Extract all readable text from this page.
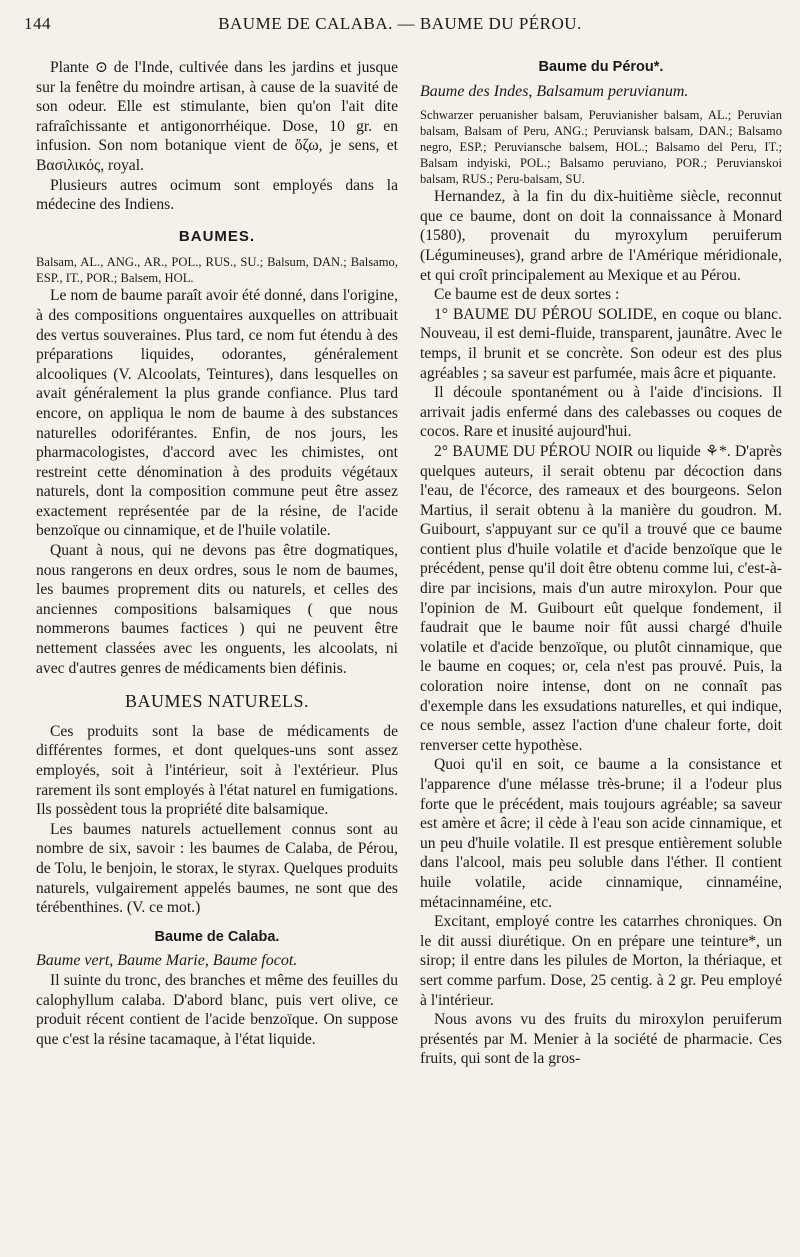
144	BAUME DE CALABA. — BAUME DU PÉROU.

Plante ⊙ de l'Inde, cultivée dans les jardins et jusque sur la fenêtre du moindre artisan, à cause de la suavité de son odeur. Elle est stimulante, bien qu'on l'ait dite rafraîchissante et antigonorrhéique. Dose, 10 gr. en infusion. Son nom botanique vient de ὄζω, je sens, et Βασιλικός, royal.

Plusieurs autres ocimum sont employés dans la médecine des Indiens.

BAUMES.

Balsam, AL., ANG., AR., POL., RUS., SU.; Balsum, DAN.; Balsamo, ESP., IT., POR.; Balsem, HOL.

Le nom de baume paraît avoir été donné, dans l'origine, à des compositions onguentaires auxquelles on attribuait des vertus souveraines. Plus tard, ce nom fut étendu à des préparations liquides, odorantes, généralement alcooliques (V. Alcoolats, Teintures), dans lesquelles on avait généralement la plus grande confiance. Plus tard encore, on appliqua le nom de baume à des substances naturelles odoriférantes. Enfin, de nos jours, les pharmacologistes, d'accord avec les chimistes, ont restreint cette dénomination à des produits végétaux naturels, dont la composition commune peut être assez exactement représentée par de la résine, de l'acide benzoïque ou cinnamique, et de l'huile volatile.

Quant à nous, qui ne devons pas être dogmatiques, nous rangerons en deux ordres, sous le nom de baumes, les baumes proprement dits ou naturels, et celles des anciennes compositions balsamiques ( que nous nommerons baumes factices ) qui ne peuvent être nettement classées avec les onguents, les alcoolats, ni avec d'autres genres de médicaments bien définis.

BAUMES NATURELS.

Ces produits sont la base de médicaments de différentes formes, et dont quelques-uns sont assez employés, soit à l'intérieur, soit à l'extérieur. Plus rarement ils sont employés à l'état naturel en fumigations. Ils possèdent tous la propriété dite balsamique.

Les baumes naturels actuellement connus sont au nombre de six, savoir : les baumes de Calaba, de Pérou, de Tolu, le benjoin, le storax, le styrax. Quelques produits naturels, vulgairement appelés baumes, ne sont que des térébenthines. (V. ce mot.)

Baume de Calaba.

Baume vert, Baume Marie, Baume focot.

Il suinte du tronc, des branches et même des feuilles du calophyllum calaba. D'abord blanc, puis vert olive, ce produit récent contient de l'acide benzoïque. On suppose que c'est la résine tacamaque, à l'état liquide.

Baume du Pérou*.

Baume des Indes, Balsamum peruvianum.

Schwarzer peruanisher balsam, Peruvianisher balsam, AL.; Peruvian balsam, Balsam of Peru, ANG.; Peruviansk balsam, DAN.; Balsamo negro, ESP.; Peruviansche balsem, HOL.; Balsamo del Peru, IT.; Balsam indyiski, POL.; Balsamo peruviano, POR.; Peruvianskoi balsam, RUS.; Peru-balsam, SU.

Hernandez, à la fin du dix-huitième siècle, reconnut que ce baume, dont on doit la connaissance à Monard (1580), provenait du myroxylum peruiferum (Légumineuses), grand arbre de l'Amérique méridionale, et qui croît principalement au Mexique et au Pérou.

Ce baume est de deux sortes :

1° BAUME DU PÉROU SOLIDE, en coque ou blanc. Nouveau, il est demi-fluide, transparent, jaunâtre. Avec le temps, il brunit et se concrète. Son odeur est des plus agréables ; sa saveur est parfumée, mais âcre et piquante.

Il découle spontanément ou à l'aide d'incisions. Il arrivait jadis enfermé dans des calebasses ou coques de cocos. Rare et inusité aujourd'hui.

2° BAUME DU PÉROU NOIR ou liquide ⚘*. D'après quelques auteurs, il serait obtenu par décoction dans l'eau, de l'écorce, des rameaux et des bourgeons. Selon Martius, il serait obtenu à la manière du goudron. M. Guibourt, s'appuyant sur ce qu'il a trouvé que ce baume contient plus d'huile volatile et d'acide benzoïque que le précédent, pense qu'il doit être obtenu comme lui, c'est-à-dire par incisions, mais d'un autre miroxylon. Pour que l'opinion de M. Guibourt eût quelque fondement, il faudrait que le baume noir fût aussi chargé d'huile volatile et d'acide benzoïque, ou plutôt cinnamique, que le baume en coques; or, cela n'est pas prouvé. Puis, la coloration noire intense, dont on ne connaît pas d'exemple dans les exsudations naturelles, et qui indique, ce nous semble, assez l'action d'une chaleur forte, doit renverser cette hypothèse.

Quoi qu'il en soit, ce baume a la consistance et l'apparence d'une mélasse très-brune; il a l'odeur plus forte que le précédent, mais toujours agréable; sa saveur est amère et âcre; il cède à l'eau son acide cinnamique, et un peu d'huile volatile. Il est presque entièrement soluble dans l'alcool, mais peu soluble dans l'éther. Il contient huile volatile, acide cinnamique, cinnaméine, métacinnaméine, etc.

Excitant, employé contre les catarrhes chroniques. On le dit aussi diurétique. On en prépare une teinture*, un sirop; il entre dans les pilules de Morton, la thériaque, et sert comme parfum. Dose, 25 centig. à 2 gr. Peu employé à l'intérieur.

Nous avons vu des fruits du miroxylon peruiferum présentés par M. Menier à la société de pharmacie. Ces fruits, qui sont de la gros-
